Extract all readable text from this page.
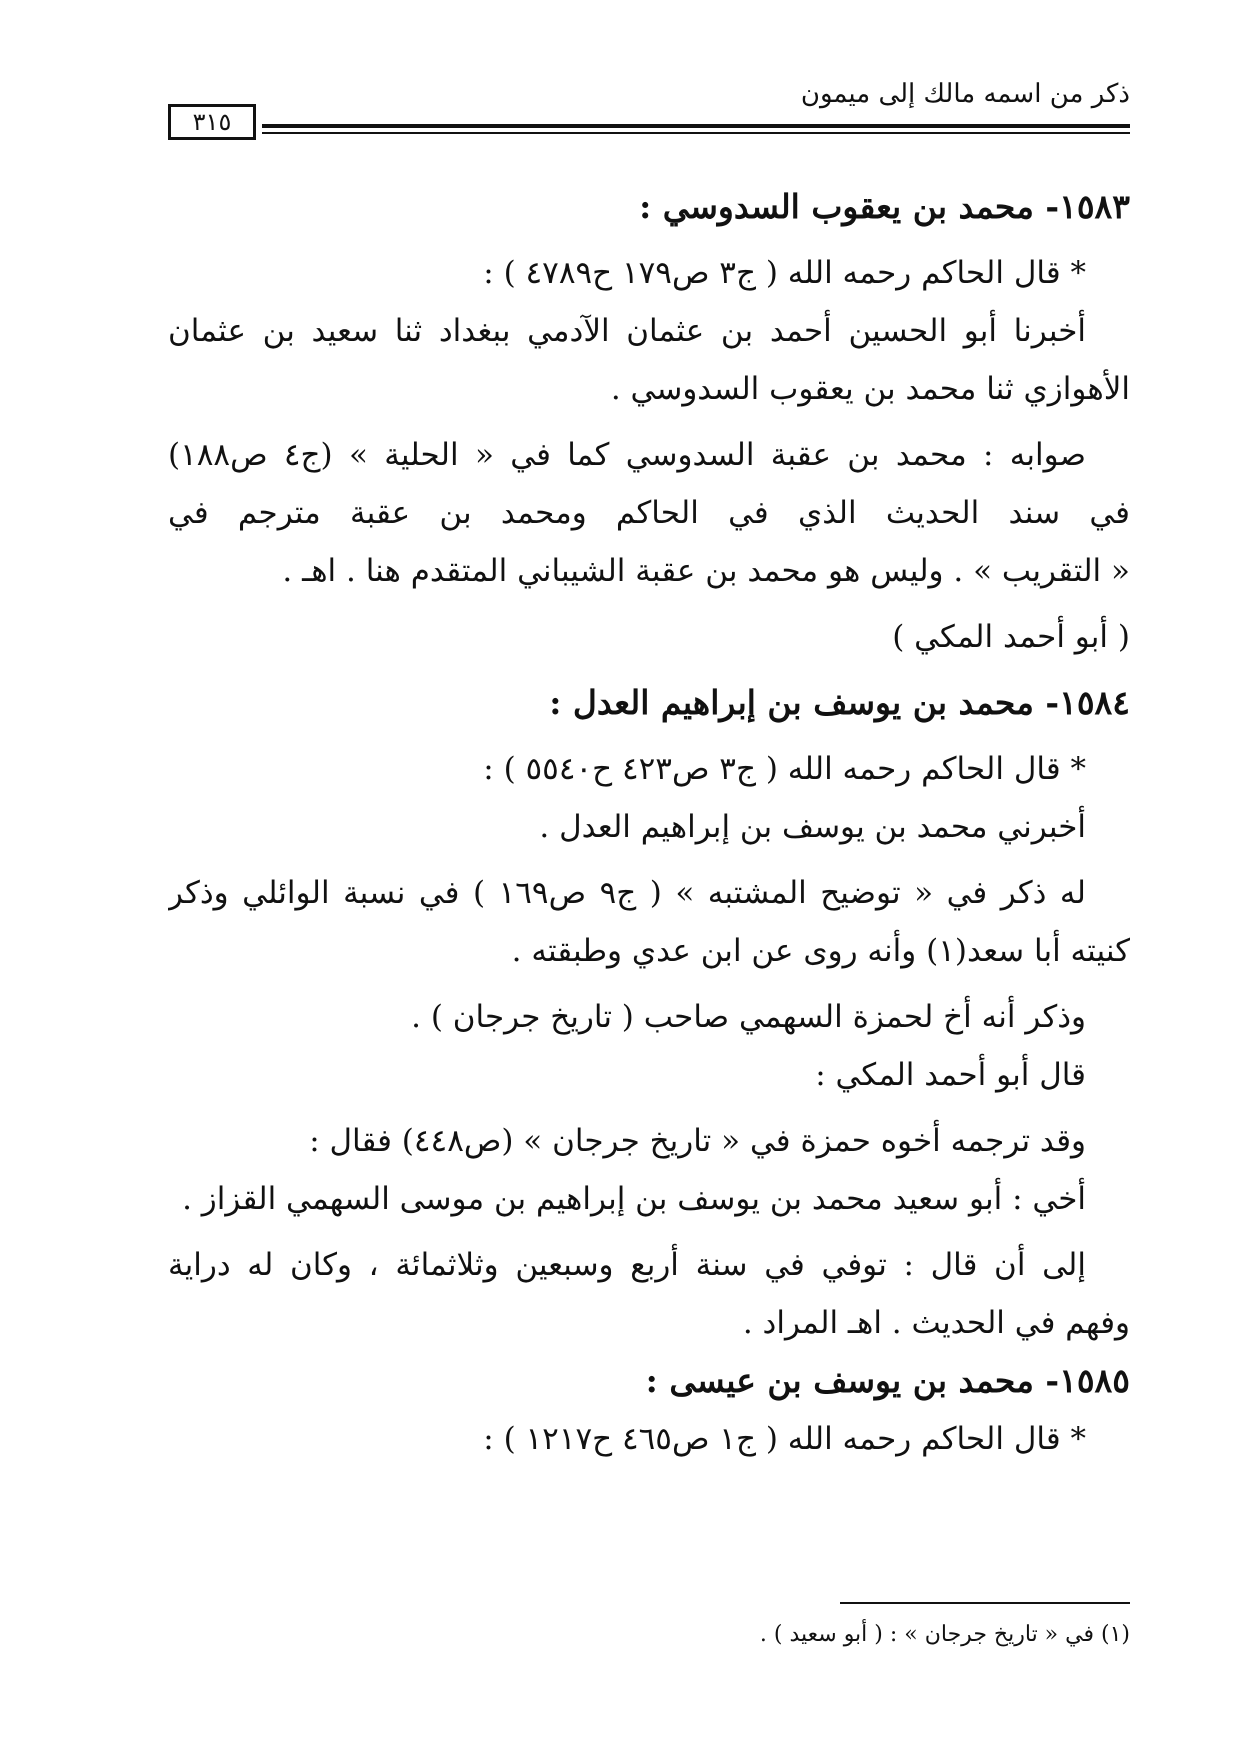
ذكر من اسمه مالك إلى ميمون
٣١٥
١٥٨٣- محمد بن يعقوب السدوسي :
* قال الحاكم رحمه الله ( ج٣ ص١٧٩ ح٤٧٨٩ ) :
أخبرنا أبو الحسين أحمد بن عثمان الآدمي ببغداد ثنا سعيد بن عثمان
الأهوازي ثنا محمد بن يعقوب السدوسي .
صوابه : محمد بن عقبة السدوسي كما في « الحلية » (ج٤ ص١٨٨)
في سند الحديث الذي في الحاكم ومحمد بن عقبة مترجم في
« التقريب » . وليس هو محمد بن عقبة الشيباني المتقدم هنا . اهـ .
( أبو أحمد المكي )
١٥٨٤- محمد بن يوسف بن إبراهيم العدل :
* قال الحاكم رحمه الله ( ج٣ ص٤٢٣ ح٥٥٤٠ ) :
أخبرني محمد بن يوسف بن إبراهيم العدل .
له ذكر في « توضيح المشتبه » ( ج٩ ص١٦٩ ) في نسبة الوائلي وذكر
كنيته أبا سعد(١) وأنه روى عن ابن عدي وطبقته .
وذكر أنه أخ لحمزة السهمي صاحب ( تاريخ جرجان ) .
قال أبو أحمد المكي :
وقد ترجمه أخوه حمزة في « تاريخ جرجان » (ص٤٤٨) فقال :
أخي : أبو سعيد محمد بن يوسف بن إبراهيم بن موسى السهمي القزاز .
إلى أن قال : توفي في سنة أربع وسبعين وثلاثمائة ، وكان له دراية
وفهم في الحديث . اهـ المراد .
١٥٨٥- محمد بن يوسف بن عيسى :
* قال الحاكم رحمه الله ( ج١ ص٤٦٥ ح١٢١٧ ) :
(١) في « تاريخ جرجان » : ( أبو سعيد ) .
